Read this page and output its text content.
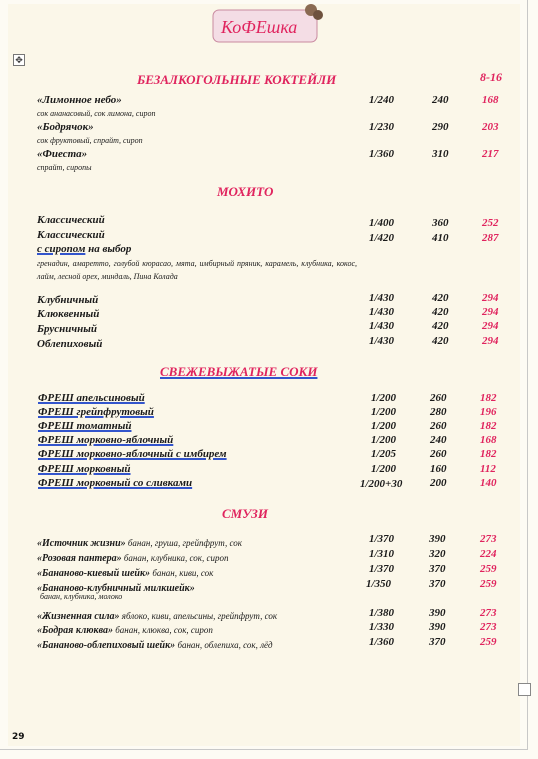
КоФЕшка
✥
БЕЗАЛКОГОЛЬНЫЕ КОКТЕЙЛИ	8-16
«Лимонное небо»	1/240	240	168
сок ананасовый, сок лимона, сироп
«Бодрячок»	1/230	290	203
сок фруктовый, спрайт, сироп
«Фиеста»	1/360	310	217
спрайт, сиропы
МОХИТО
Классический	1/400	360	252
Классический	1/420	410	287
с сиропом на выбор
гренадин, амаретто, голубой кюрасао, мята, имбирный пряник, карамель, клубника, кокос, лайм, лесной орех, миндаль, Пина Колада
Клубничный	1/430	420	294
Клюквенный	1/430	420	294
Брусничный	1/430	420	294
Облепиховый	1/430	420	294
СВЕЖЕВЫЖАТЫЕ СОКИ
ФРЕШ апельсиновый	1/200	260	182
ФРЕШ грейпфрутовый	1/200	280	196
ФРЕШ томатный	1/200	260	182
ФРЕШ морковно-яблочный	1/200	240	168
ФРЕШ морковно-яблочный с имбирем	1/205	260	182
ФРЕШ морковный	1/200	160	112
ФРЕШ морковный со сливками	1/200+30	200	140
СМУЗИ
«Источник жизни» банан, груша, грейпфрут, сок	1/370	390	273
«Розовая пантера» банан, клубника, сок, сироп	1/310	320	224
«Бананово-киевый шейк» банан, киви, сок	1/370	370	259
«Бананово-клубничный милкшейк»	1/350	370	259
банан, клубника, молоко
«Жизненная сила» яблоко, киви, апельсины, грейпфрут, сок	1/380	390	273
«Бодрая клюква» банан, клюква, сок, сироп	1/330	390	273
«Бананово-облепиховый шейк» банан, облепиха, сок, лёд	1/360	370	259
29
